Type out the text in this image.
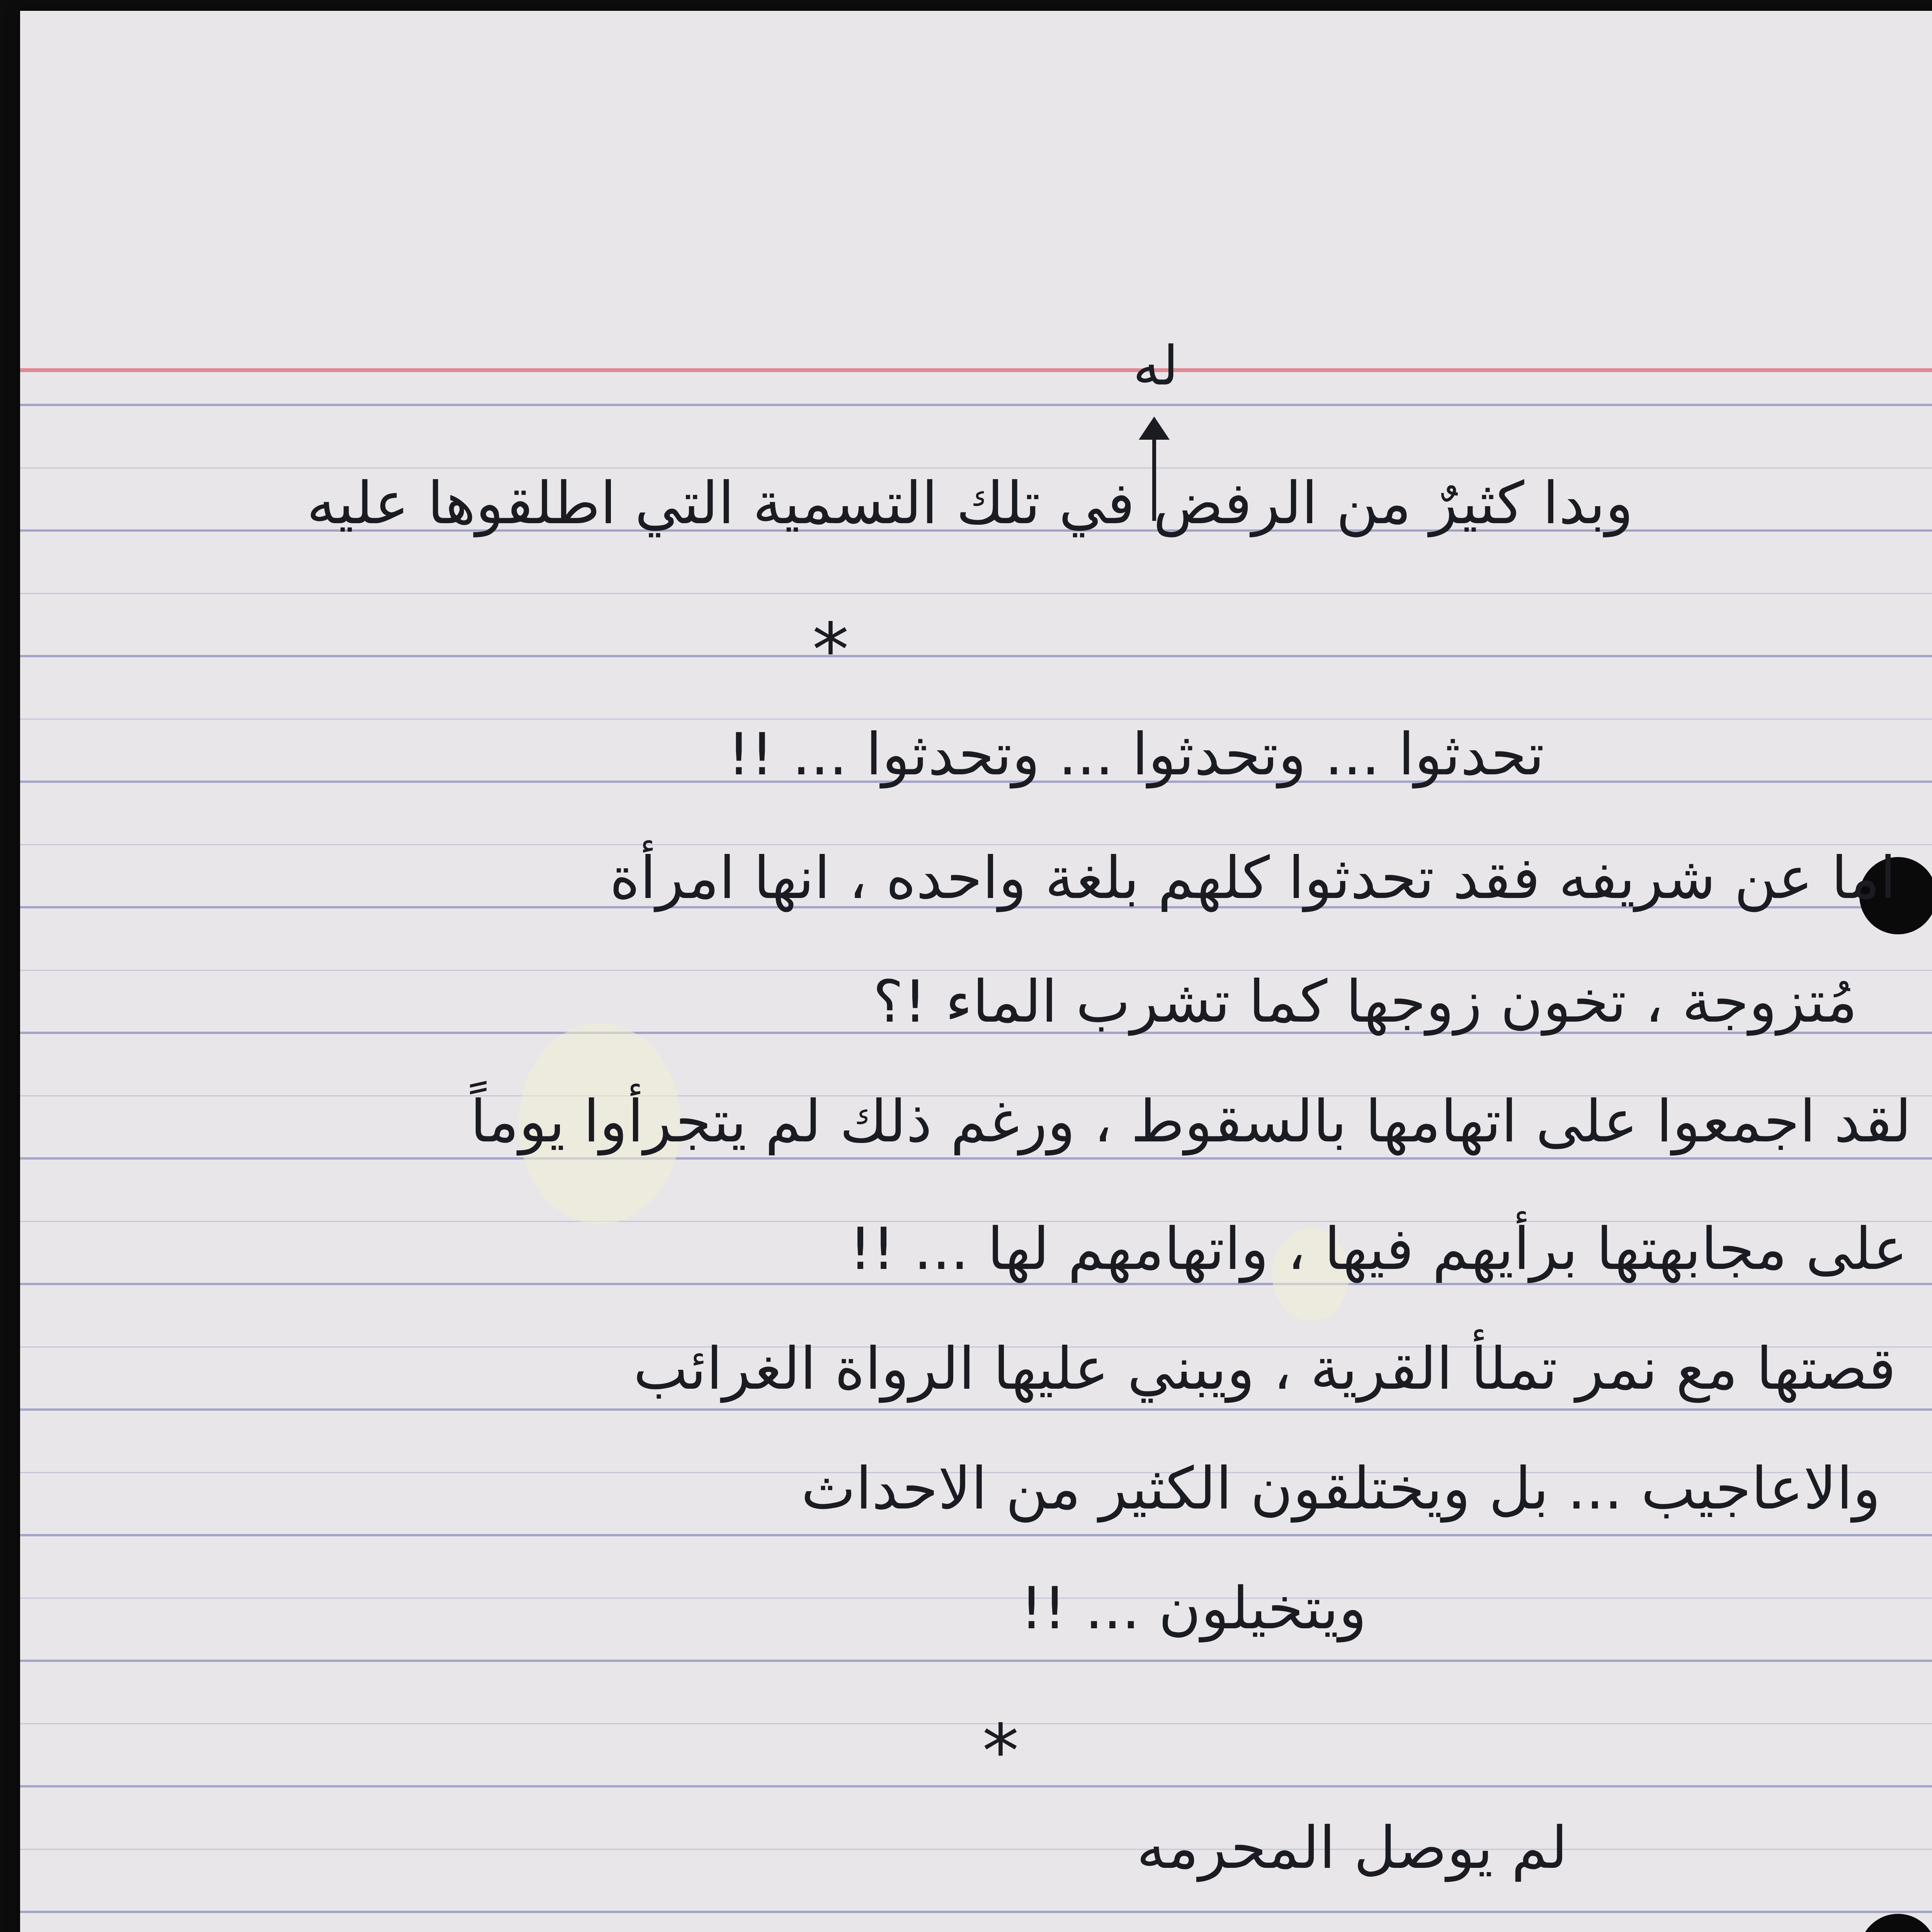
له
وبدا كثيرٌ من الرفض في تلك التسمية التي اطلقوها عليه
*
تحدثوا ... وتحدثوا ... وتحدثوا ... !!
اما عن شريفه فقد تحدثوا كلهم بلغة واحده ، انها امرأة
مُتزوجة ، تخون زوجها كما تشرب الماء !؟
لقد اجمعوا على اتهامها بالسقوط ، ورغم ذلك لم يتجرأوا يوماً
على مجابهتها برأيهم فيها ، واتهامهم لها ... !!
قصتها مع نمر تملأ القرية ، ويبني عليها الرواة الغرائب
والاعاجيب ... بل ويختلقون الكثير من الاحداث
ويتخيلون ... !!
*
لم يوصل المحرمه
